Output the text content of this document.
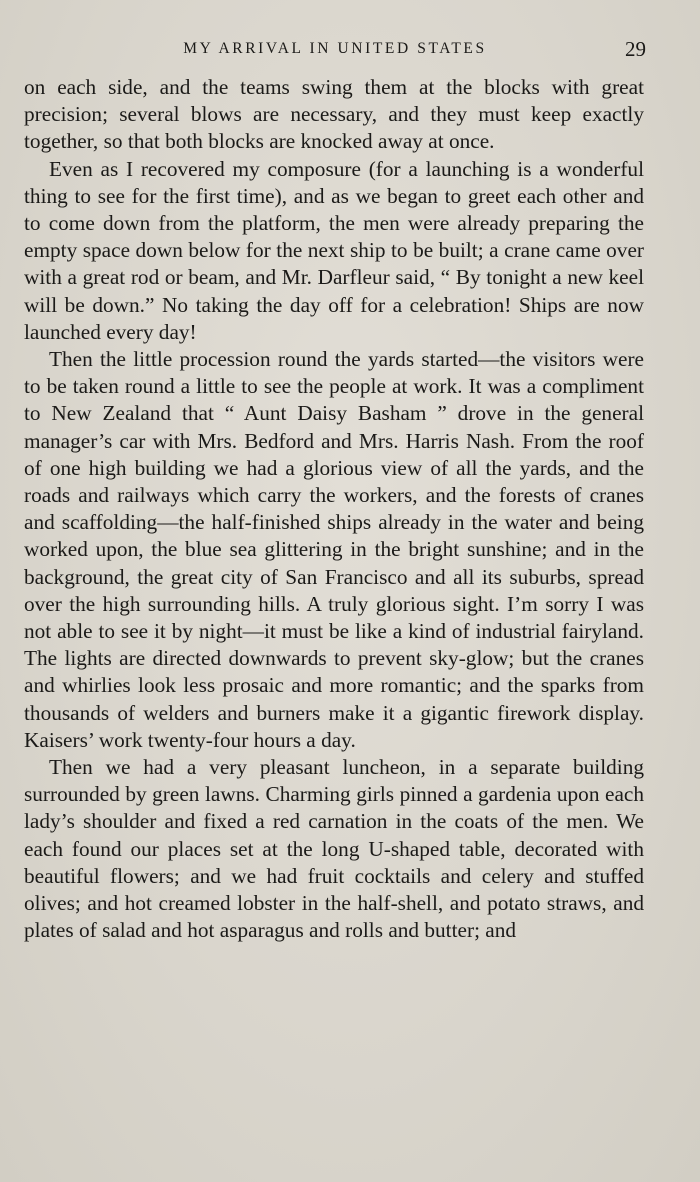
MY ARRIVAL IN UNITED STATES	29

on each side, and the teams swing them at the blocks with great precision; several blows are necessary, and they must keep exactly together, so that both blocks are knocked away at once.

Even as I recovered my composure (for a launching is a wonderful thing to see for the first time), and as we began to greet each other and to come down from the platform, the men were already preparing the empty space down below for the next ship to be built; a crane came over with a great rod or beam, and Mr. Darfleur said, “ By tonight a new keel will be down.” No taking the day off for a celebration! Ships are now launched every day!

Then the little procession round the yards started—the visitors were to be taken round a little to see the people at work. It was a compliment to New Zealand that “ Aunt Daisy Basham ” drove in the general manager’s car with Mrs. Bedford and Mrs. Harris Nash. From the roof of one high building we had a glorious view of all the yards, and the roads and railways which carry the workers, and the forests of cranes and scaffolding—the half-finished ships already in the water and being worked upon, the blue sea glittering in the bright sunshine; and in the background, the great city of San Francisco and all its suburbs, spread over the high surrounding hills. A truly glorious sight. I’m sorry I was not able to see it by night—it must be like a kind of industrial fairyland. The lights are directed downwards to prevent sky-glow; but the cranes and whirlies look less prosaic and more romantic; and the sparks from thousands of welders and burners make it a gigantic firework display. Kaisers’ work twenty-four hours a day.

Then we had a very pleasant luncheon, in a separate building surrounded by green lawns. Charming girls pinned a gardenia upon each lady’s shoulder and fixed a red carnation in the coats of the men. We each found our places set at the long U-shaped table, decorated with beautiful flowers; and we had fruit cocktails and celery and stuffed olives; and hot creamed lobster in the half-shell, and potato straws, and plates of salad and hot asparagus and rolls and butter; and
